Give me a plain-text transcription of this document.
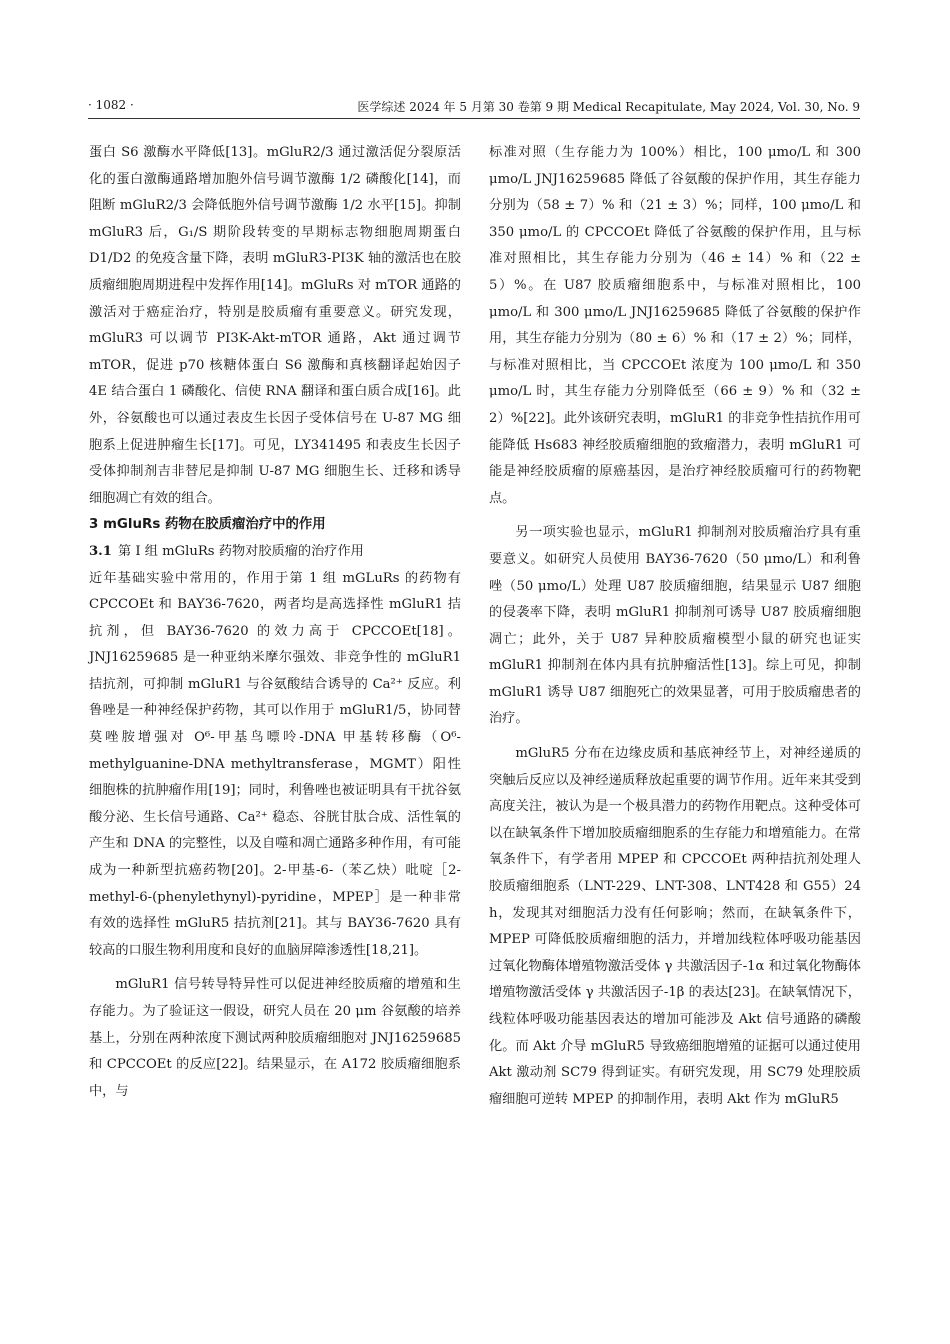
· 1082 ·	医学综述 2024 年 5 月第 30 卷第 9 期 Medical Recapitulate, May 2024, Vol. 30, No. 9

蛋白 S6 激酶水平降低[13]。mGluR2/3 通过激活促分裂原活化的蛋白激酶通路增加胞外信号调节激酶 1/2 磷酸化[14]，而阻断 mGluR2/3 会降低胞外信号调节激酶 1/2 水平[15]。抑制 mGluR3 后，G₁/S 期阶段转变的早期标志物细胞周期蛋白 D1/D2 的免疫含量下降，表明 mGluR3-PI3K 轴的激活也在胶质瘤细胞周期进程中发挥作用[14]。mGluRs 对 mTOR 通路的激活对于癌症治疗，特别是胶质瘤有重要意义。研究发现，mGluR3 可以调节 PI3K-Akt-mTOR 通路，Akt 通过调节 mTOR，促进 p70 核糖体蛋白 S6 激酶和真核翻译起始因子 4E 结合蛋白 1 磷酸化、信使 RNA 翻译和蛋白质合成[16]。此外，谷氨酸也可以通过表皮生长因子受体信号在 U-87 MG 细胞系上促进肿瘤生长[17]。可见，LY341495 和表皮生长因子受体抑制剂吉非替尼是抑制 U-87 MG 细胞生长、迁移和诱导细胞凋亡有效的组合。

3 mGluRs 药物在胶质瘤治疗中的作用
3.1 第 I 组 mGluRs 药物对胶质瘤的治疗作用

近年基础实验中常用的，作用于第 1 组 mGLuRs 的药物有 CPCCOEt 和 BAY36-7620，两者均是高选择性 mGluR1 拮抗剂，但 BAY36-7620 的效力高于 CPCCOEt[18]。JNJ16259685 是一种亚纳米摩尔强效、非竞争性的 mGluR1 拮抗剂，可抑制 mGluR1 与谷氨酸结合诱导的 Ca²⁺ 反应。利鲁唑是一种神经保护药物，其可以作用于 mGluR1/5，协同替莫唑胺增强对 O⁶-甲基鸟嘌呤-DNA 甲基转移酶（O⁶-methylguanine-DNA methyltransferase，MGMT）阳性细胞株的抗肿瘤作用[19]；同时，利鲁唑也被证明具有干扰谷氨酸分泌、生长信号通路、Ca²⁺ 稳态、谷胱甘肽合成、活性氧的产生和 DNA 的完整性，以及自噬和凋亡通路多种作用，有可能成为一种新型抗癌药物[20]。2-甲基-6-（苯乙炔）吡啶［2-methyl-6-(phenylethynyl)-pyridine，MPEP］是一种非常有效的选择性 mGluR5 拮抗剂[21]。其与 BAY36-7620 具有较高的口服生物利用度和良好的血脑屏障渗透性[18,21]。

mGluR1 信号转导特异性可以促进神经胶质瘤的增殖和生存能力。为了验证这一假设，研究人员在 20 μm 谷氨酸的培养基上，分别在两种浓度下测试两种胶质瘤细胞对 JNJ16259685 和 CPCCOEt 的反应[22]。结果显示，在 A172 胶质瘤细胞系中，与

标准对照（生存能力为 100%）相比，100 μmo/L 和 300 μmo/L JNJ16259685 降低了谷氨酸的保护作用，其生存能力分别为（58 ± 7）% 和（21 ± 3）%；同样，100 μmo/L 和 350 μmo/L 的 CPCCOEt 降低了谷氨酸的保护作用，且与标准对照相比，其生存能力分别为（46 ± 14）% 和（22 ± 5）%。在 U87 胶质瘤细胞系中，与标准对照相比，100 μmo/L 和 300 μmo/L JNJ16259685 降低了谷氨酸的保护作用，其生存能力分别为（80 ± 6）% 和（17 ± 2）%；同样，与标准对照相比，当 CPCCOEt 浓度为 100 μmo/L 和 350 μmo/L 时，其生存能力分别降低至（66 ± 9）% 和（32 ± 2）%[22]。此外该研究表明，mGluR1 的非竞争性拮抗作用可能降低 Hs683 神经胶质瘤细胞的致瘤潜力，表明 mGluR1 可能是神经胶质瘤的原癌基因，是治疗神经胶质瘤可行的药物靶点。

另一项实验也显示，mGluR1 抑制剂对胶质瘤治疗具有重要意义。如研究人员使用 BAY36-7620（50 μmo/L）和利鲁唑（50 μmo/L）处理 U87 胶质瘤细胞，结果显示 U87 细胞的侵袭率下降，表明 mGluR1 抑制剂可诱导 U87 胶质瘤细胞凋亡；此外，关于 U87 异种胶质瘤模型小鼠的研究也证实 mGluR1 抑制剂在体内具有抗肿瘤活性[13]。综上可见，抑制 mGluR1 诱导 U87 细胞死亡的效果显著，可用于胶质瘤患者的治疗。

mGluR5 分布在边缘皮质和基底神经节上，对神经递质的突触后反应以及神经递质释放起重要的调节作用。近年来其受到高度关注，被认为是一个极具潜力的药物作用靶点。这种受体可以在缺氧条件下增加胶质瘤细胞系的生存能力和增殖能力。在常氧条件下，有学者用 MPEP 和 CPCCOEt 两种拮抗剂处理人胶质瘤细胞系（LNT-229、LNT-308、LNT428 和 G55）24 h，发现其对细胞活力没有任何影响；然而，在缺氧条件下，MPEP 可降低胶质瘤细胞的活力，并增加线粒体呼吸功能基因过氧化物酶体增殖物激活受体 γ 共激活因子-1α 和过氧化物酶体增殖物激活受体 γ 共激活因子-1β 的表达[23]。在缺氧情况下，线粒体呼吸功能基因表达的增加可能涉及 Akt 信号通路的磷酸化。而 Akt 介导 mGluR5 导致癌细胞增殖的证据可以通过使用 Akt 激动剂 SC79 得到证实。有研究发现，用 SC79 处理胶质瘤细胞可逆转 MPEP 的抑制作用，表明 Akt 作为 mGluR5
